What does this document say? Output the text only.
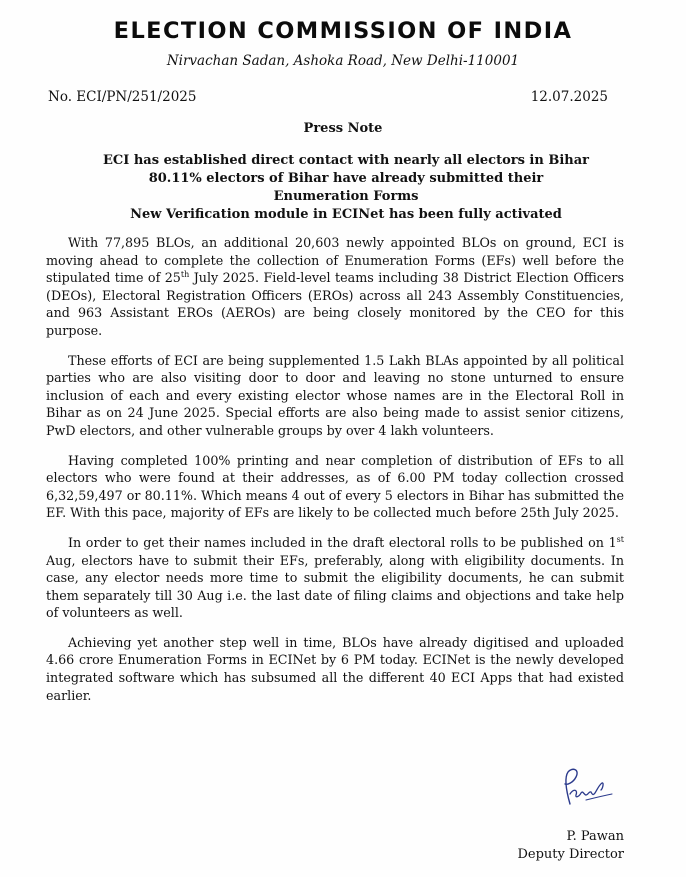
ELECTION COMMISSION OF INDIA
Nirvachan Sadan, Ashoka Road, New Delhi-110001
No. ECI/PN/251/2025	12.07.2025
Press Note
ECI has established direct contact with nearly all electors in Bihar
80.11% electors of Bihar have already submitted their Enumeration Forms
New Verification module in ECINet has been fully activated

With 77,895 BLOs, an additional 20,603 newly appointed BLOs on ground, ECI is moving ahead to complete the collection of Enumeration Forms (EFs) well before the stipulated time of 25th July 2025. Field-level teams including 38 District Election Officers (DEOs), Electoral Registration Officers (EROs) across all 243 Assembly Constituencies, and 963 Assistant EROs (AEROs) are being closely monitored by the CEO for this purpose.

These efforts of ECI are being supplemented 1.5 Lakh BLAs appointed by all political parties who are also visiting door to door and leaving no stone unturned to ensure inclusion of each and every existing elector whose names are in the Electoral Roll in Bihar as on 24 June 2025. Special efforts are also being made to assist senior citizens, PwD electors, and other vulnerable groups by over 4 lakh volunteers.

Having completed 100% printing and near completion of distribution of EFs to all electors who were found at their addresses, as of 6.00 PM today collection crossed 6,32,59,497 or 80.11%. Which means 4 out of every 5 electors in Bihar has submitted the EF. With this pace, majority of EFs are likely to be collected much before 25th July 2025.

In order to get their names included in the draft electoral rolls to be published on 1st Aug, electors have to submit their EFs, preferably, along with eligibility documents. In case, any elector needs more time to submit the eligibility documents, he can submit them separately till 30 Aug i.e. the last date of filing claims and objections and take help of volunteers as well.

Achieving yet another step well in time, BLOs have already digitised and uploaded 4.66 crore Enumeration Forms in ECINet by 6 PM today. ECINet is the newly developed integrated software which has subsumed all the different 40 ECI Apps that had existed earlier.

P. Pawan
Deputy Director
